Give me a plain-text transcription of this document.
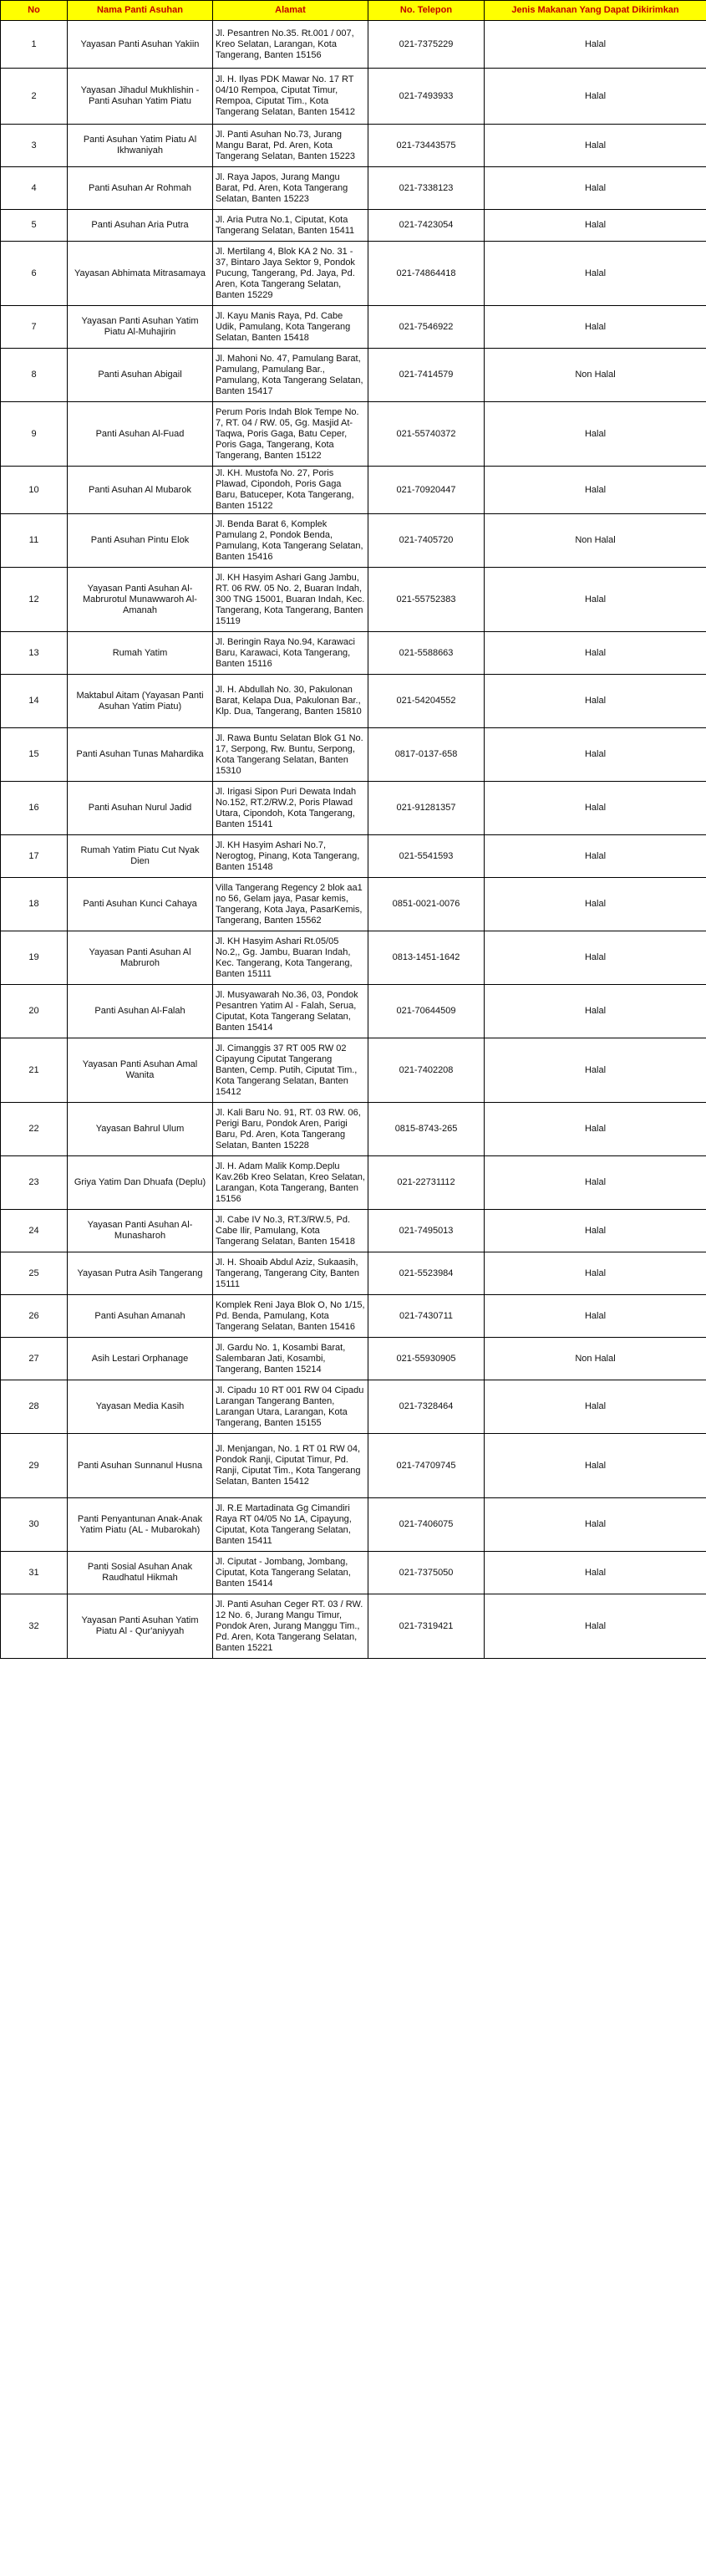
No	Nama Panti Asuhan	Alamat	No. Telepon	Jenis Makanan Yang Dapat Dikirimkan
1	Yayasan Panti Asuhan Yakiin	Jl. Pesantren No.35. Rt.001 / 007, Kreo Selatan, Larangan, Kota Tangerang, Banten 15156	021-7375229	Halal
2	Yayasan Jihadul Mukhlishin - Panti Asuhan Yatim Piatu	Jl. H. Ilyas PDK Mawar No. 17 RT 04/10 Rempoa, Ciputat Timur, Rempoa, Ciputat Tim., Kota Tangerang Selatan, Banten 15412	021-7493933	Halal
3	Panti Asuhan Yatim Piatu Al Ikhwaniyah	Jl. Panti Asuhan No.73, Jurang Mangu Barat, Pd. Aren, Kota Tangerang Selatan, Banten 15223	021-73443575	Halal
4	Panti Asuhan Ar Rohmah	Jl. Raya Japos, Jurang Mangu Barat, Pd. Aren, Kota Tangerang Selatan, Banten 15223	021-7338123	Halal
5	Panti Asuhan Aria Putra	Jl. Aria Putra No.1, Ciputat, Kota Tangerang Selatan, Banten 15411	021-7423054	Halal
6	Yayasan Abhimata Mitrasamaya	Jl. Mertilang 4, Blok KA 2 No. 31 - 37, Bintaro Jaya Sektor 9, Pondok Pucung, Tangerang, Pd. Jaya, Pd. Aren, Kota Tangerang Selatan, Banten 15229	021-74864418	Halal
7	Yayasan Panti Asuhan Yatim Piatu Al-Muhajirin	Jl. Kayu Manis Raya, Pd. Cabe Udik, Pamulang, Kota Tangerang Selatan, Banten 15418	021-7546922	Halal
8	Panti Asuhan Abigail	Jl. Mahoni No. 47, Pamulang Barat, Pamulang, Pamulang Bar., Pamulang, Kota Tangerang Selatan, Banten 15417	021-7414579	Non Halal
9	Panti Asuhan Al-Fuad	Perum Poris Indah Blok Tempe No. 7, RT. 04 / RW. 05, Gg. Masjid At-Taqwa, Poris Gaga, Batu Ceper, Poris Gaga, Tangerang, Kota Tangerang, Banten 15122	021-55740372	Halal
10	Panti Asuhan Al Mubarok	Jl. KH. Mustofa No. 27, Poris Plawad, Cipondoh, Poris Gaga Baru, Batuceper, Kota Tangerang, Banten 15122	021-70920447	Halal
11	Panti Asuhan Pintu Elok	Jl. Benda Barat 6, Komplek Pamulang 2, Pondok Benda, Pamulang, Kota Tangerang Selatan, Banten 15416	021-7405720	Non Halal
12	Yayasan Panti Asuhan Al-Mabrurotul Munawwaroh Al-Amanah	Jl. KH Hasyim Ashari Gang Jambu, RT. 06 RW. 05 No. 2, Buaran Indah, 300 TNG 15001, Buaran Indah, Kec. Tangerang, Kota Tangerang, Banten 15119	021-55752383	Halal
13	Rumah Yatim	Jl. Beringin Raya No.94, Karawaci Baru, Karawaci, Kota Tangerang, Banten 15116	021-5588663	Halal
14	Maktabul Aitam (Yayasan Panti Asuhan Yatim Piatu)	Jl. H. Abdullah No. 30, Pakulonan Barat, Kelapa Dua, Pakulonan Bar., Klp. Dua, Tangerang, Banten 15810	021-54204552	Halal
15	Panti Asuhan Tunas Mahardika	Jl. Rawa Buntu Selatan Blok G1 No. 17, Serpong, Rw. Buntu, Serpong, Kota Tangerang Selatan, Banten 15310	0817-0137-658	Halal
16	Panti Asuhan Nurul Jadid	Jl. Irigasi Sipon Puri Dewata Indah No.152, RT.2/RW.2, Poris Plawad Utara, Cipondoh, Kota Tangerang, Banten 15141	021-91281357	Halal
17	Rumah Yatim Piatu Cut Nyak Dien	Jl. KH Hasyim Ashari No.7, Nerogtog, Pinang, Kota Tangerang, Banten 15148	021-5541593	Halal
18	Panti Asuhan Kunci Cahaya	Villa Tangerang Regency 2 blok aa1 no 56, Gelam jaya, Pasar kemis, Tangerang, Kota Jaya, PasarKemis, Tangerang, Banten 15562	0851-0021-0076	Halal
19	Yayasan Panti Asuhan Al Mabruroh	Jl. KH Hasyim Ashari Rt.05/05 No.2,, Gg. Jambu, Buaran Indah, Kec. Tangerang, Kota Tangerang, Banten 15111	0813-1451-1642	Halal
20	Panti Asuhan Al-Falah	Jl. Musyawarah No.36, 03, Pondok Pesantren Yatim Al - Falah, Serua, Ciputat, Kota Tangerang Selatan, Banten 15414	021-70644509	Halal
21	Yayasan Panti Asuhan Amal Wanita	Jl. Cimanggis 37 RT 005 RW 02 Cipayung Ciputat Tangerang Banten, Cemp. Putih, Ciputat Tim., Kota Tangerang Selatan, Banten 15412	021-7402208	Halal
22	Yayasan Bahrul Ulum	Jl. Kali Baru No. 91, RT. 03 RW. 06, Perigi Baru, Pondok Aren, Parigi Baru, Pd. Aren, Kota Tangerang Selatan, Banten 15228	0815-8743-265	Halal
23	Griya Yatim Dan Dhuafa (Deplu)	Jl. H. Adam Malik Komp.Deplu Kav.26b Kreo Selatan, Kreo Selatan, Larangan, Kota Tangerang, Banten 15156	021-22731112	Halal
24	Yayasan Panti Asuhan Al-Munasharoh	Jl. Cabe IV No.3, RT.3/RW.5, Pd. Cabe Ilir, Pamulang, Kota Tangerang Selatan, Banten 15418	021-7495013	Halal
25	Yayasan Putra Asih Tangerang	Jl. H. Shoaib Abdul Aziz, Sukaasih, Tangerang, Tangerang City, Banten 15111	021-5523984	Halal
26	Panti Asuhan Amanah	Komplek Reni Jaya Blok O, No 1/15, Pd. Benda, Pamulang, Kota Tangerang Selatan, Banten 15416	021-7430711	Halal
27	Asih Lestari Orphanage	Jl. Gardu No. 1, Kosambi Barat, Salembaran Jati, Kosambi, Tangerang, Banten 15214	021-55930905	Non Halal
28	Yayasan Media Kasih	Jl. Cipadu 10 RT 001 RW 04 Cipadu Larangan Tangerang Banten, Larangan Utara, Larangan, Kota Tangerang, Banten 15155	021-7328464	Halal
29	Panti Asuhan Sunnanul Husna	Jl. Menjangan, No. 1 RT 01 RW 04, Pondok Ranji, Ciputat Timur, Pd. Ranji, Ciputat Tim., Kota Tangerang Selatan, Banten 15412	021-74709745	Halal
30	Panti Penyantunan Anak-Anak Yatim Piatu (AL - Mubarokah)	Jl. R.E Martadinata Gg Cimandiri Raya RT 04/05 No 1A, Cipayung, Ciputat, Kota Tangerang Selatan, Banten 15411	021-7406075	Halal
31	Panti Sosial Asuhan Anak Raudhatul Hikmah	Jl. Ciputat - Jombang, Jombang, Ciputat, Kota Tangerang Selatan, Banten 15414	021-7375050	Halal
32	Yayasan Panti Asuhan Yatim Piatu Al - Qur'aniyyah	Jl. Panti Asuhan Ceger RT. 03 / RW. 12 No. 6, Jurang Mangu Timur, Pondok Aren, Jurang Manggu Tim., Pd. Aren, Kota Tangerang Selatan, Banten 15221	021-7319421	Halal
